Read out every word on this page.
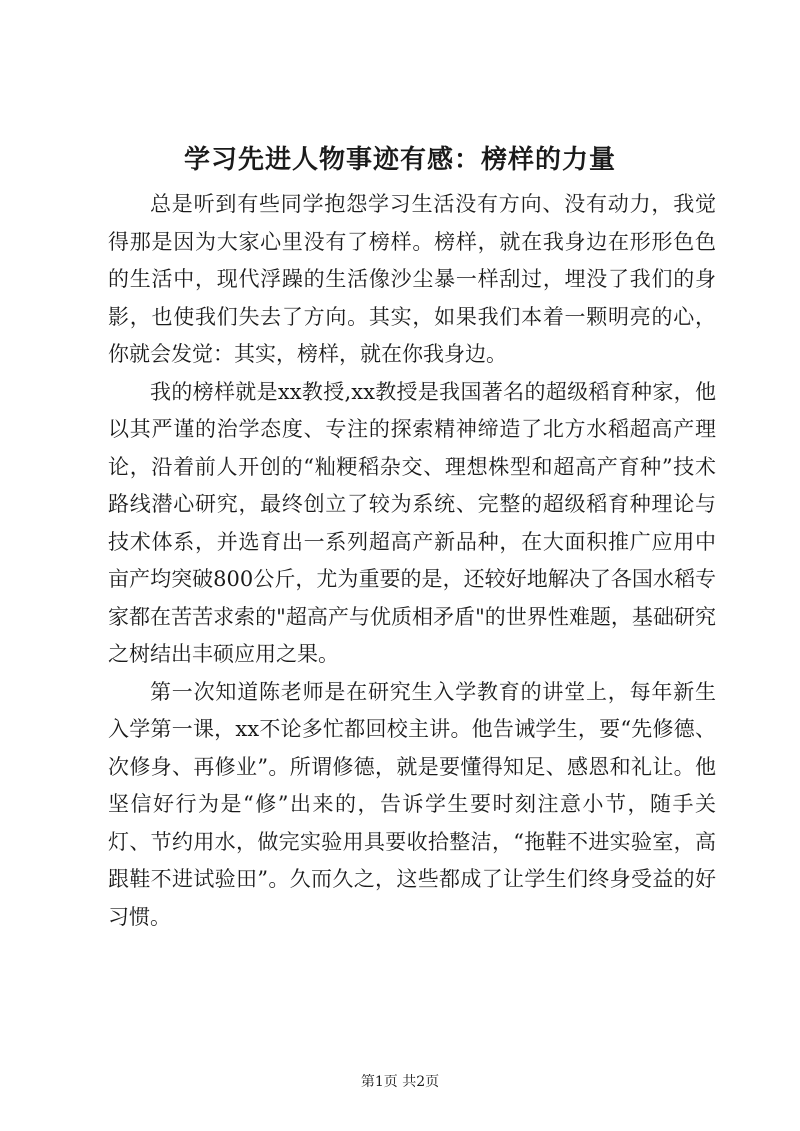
学习先进人物事迹有感：榜样的力量

总是听到有些同学抱怨学习生活没有方向、没有动力，我觉得那是因为大家心里没有了榜样。榜样，就在我身边在形形色色的生活中，现代浮躁的生活像沙尘暴一样刮过，埋没了我们的身影，也使我们失去了方向。其实，如果我们本着一颗明亮的心，你就会发觉：其实，榜样，就在你我身边。

我的榜样就是xx教授,xx教授是我国著名的超级稻育种家，他以其严谨的治学态度、专注的探索精神缔造了北方水稻超高产理论，沿着前人开创的“籼粳稻杂交、理想株型和超高产育种”技术路线潜心研究，最终创立了较为系统、完整的超级稻育种理论与技术体系，并选育出一系列超高产新品种，在大面积推广应用中亩产均突破800公斤，尤为重要的是，还较好地解决了各国水稻专家都在苦苦求索的"超高产与优质相矛盾"的世界性难题，基础研究之树结出丰硕应用之果。

第一次知道陈老师是在研究生入学教育的讲堂上，每年新生入学第一课，xx不论多忙都回校主讲。他告诫学生，要“先修德、次修身、再修业”。所谓修德，就是要懂得知足、感恩和礼让。他坚信好行为是“修”出来的，告诉学生要时刻注意小节，随手关灯、节约用水，做完实验用具要收拾整洁，“拖鞋不进实验室，高跟鞋不进试验田”。久而久之，这些都成了让学生们终身受益的好习惯。

第1页 共2页
